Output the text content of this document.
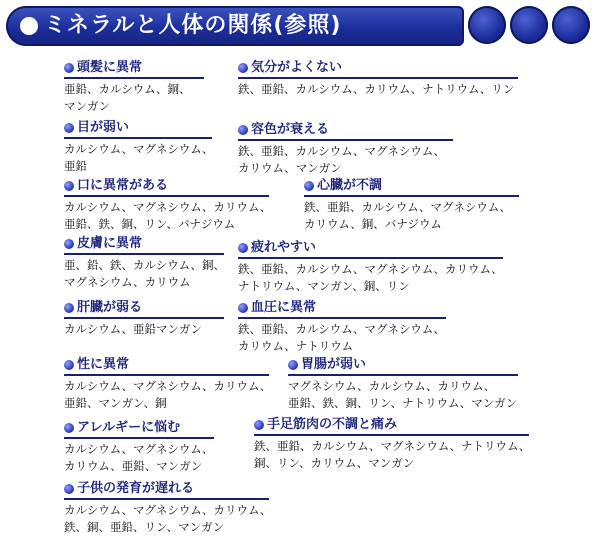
ミネラルと人体の関係(参照)
頭髪に異常
亜鉛、カルシウム、銅、
マンガン
気分がよくない
鉄、亜鉛、カルシウム、カリウム、ナトリウム、リン
目が弱い
カルシウム、マグネシウム、
亜鉛
容色が衰える
鉄、亜鉛、カルシウム、マグネシウム、
カリウム、マンガン
口に異常がある
カルシウム、マグネシウム、カリウム、
亜鉛、鉄、銅、リン、バナジウム
心臓が不調
鉄、亜鉛、カルシウム、マグネシウム、
カリウム、銅、バナジウム
皮膚に異常
亜、鉛、鉄、カルシウム、銅、
マグネシウム、カリウム
疲れやすい
鉄、亜鉛、カルシウム、マグネシウム、カリウム、
ナトリウム、マンガン、銅、リン
肝臓が弱る
カルシウム、亜鉛マンガン
血圧に異常
鉄、亜鉛、カルシウム、マグネシウム、
カリウム、ナトリウム
性に異常
カルシウム、マグネシウム、カリウム、
亜鉛、マンガン、銅
胃腸が弱い
マグネシウム、カルシウム、カリウム、
亜鉛、鉄、銅、リン、ナトリウム、マンガン
アレルギーに悩む
カルシウム、マグネシウム、
カリウム、亜鉛、マンガン
手足筋肉の不調と痛み
鉄、亜鉛、カルシウム、マグネシウム、ナトリウム、
銅、リン、カリウム、マンガン
子供の発育が遅れる
カルシウム、マグネシウム、カリウム、
鉄、銅、亜鉛、リン、マンガン
